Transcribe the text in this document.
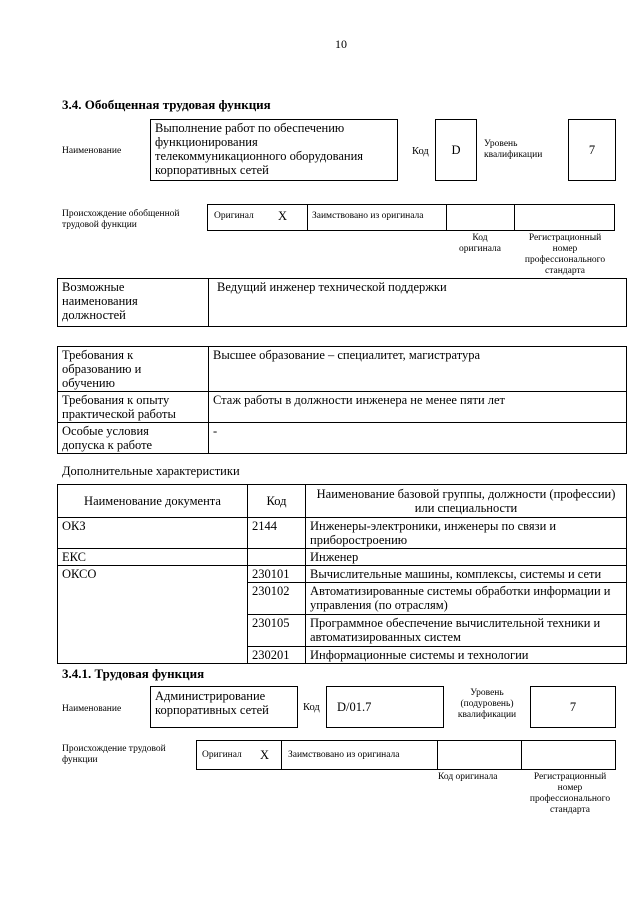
10
3.4. Обобщенная трудовая функция
Наименование
Выполнение работ по обеспечению
функционирования
телекоммуникационного оборудования
корпоративных сетей
Код	D	Уровень
квалификации	7
Происхождение обобщенной
трудовой функции
Оригинал X	Заимствовано из оригинала
Код
оригинала
Регистрационный
номер
профессионального
стандарта
Возможные
наименования
должностей
	Ведущий инженер технической поддержки
Требования к
образованию и
обучению	Высшее образование – специалитет, магистратура

Требования к опыту
практической работы	Стаж работы в должности инженера не менее пяти лет

Особые условия
допуска к работе	-
Дополнительные характеристики
Наименование документа	Код	Наименование базовой группы, должности (профессии) или специальности
ОКЗ	2144	Инженеры-электроники, инженеры по связи и приборостроению
ЕКС		Инженер
ОКСО	230101	Вычислительные машины, комплексы, системы и сети
	230102	Автоматизированные системы обработки информации и управления (по отраслям)
	230105	Программное обеспечение вычислительной техники и автоматизированных систем
	230201	Информационные системы и технологии
3.4.1. Трудовая функция
Наименование
Администрирование
корпоративных сетей	Код	D/01.7
Уровень
(подуровень)
квалификации
7
Происхождение трудовой
функции	Оригинал X Заимствовано из оригинала
Код оригинала	Регистрационный
номер
профессионального
стандарта
